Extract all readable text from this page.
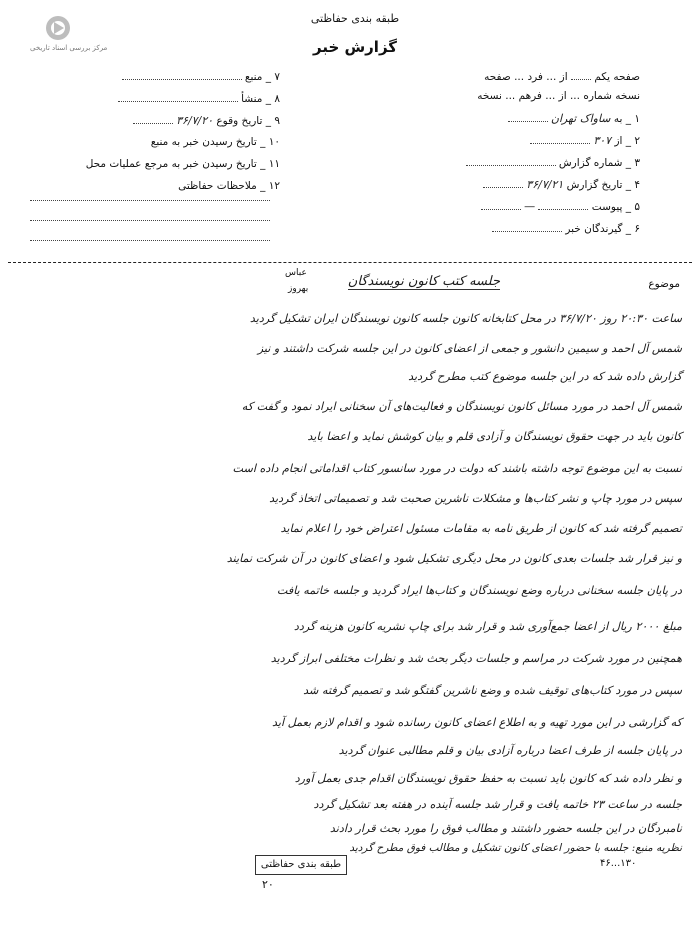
مرکز بررسی اسناد تاریخی
طبقه بندی حفاظتی
گزارش خبر
صفحه یکم  از ... فرد ... صفحه
نسخه شماره ... از ... فرهم ... نسخه
۱ _ به ساواک تهران
۲ _ از ۳۰۷
۳ _ شماره گزارش
۴ _ تاریخ گزارش ۳۶/۷/۲۱
۵ _ پیوست  —
۶ _ گیرندگان خبر
۷ _ منبع
۸ _ منشأ
۹ _ تاریخ وقوع ۳۶/۷/۲۰
۱۰ _ تاریخ رسیدن خبر به منبع
۱۱ _ تاریخ رسیدن خبر به مرجع عملیات محل
۱۲ _ ملاحظات حفاظتی
موضوع
جلسه کتب کانون نویسندگان
عباس
بهروز
ساعت ۲۰:۳۰ روز ۳۶/۷/۲۰ در محل کتابخانه کانون جلسه کانون نویسندگان ایران تشکیل گردید
شمس آل احمد و سیمین دانشور و جمعی از اعضای کانون در این جلسه شرکت داشتند و نیز
گزارش داده شد که در این جلسه موضوع کتب مطرح گردید
شمس آل احمد در مورد مسائل کانون نویسندگان و فعالیت‌های آن سخنانی ایراد نمود و گفت که
کانون باید در جهت حقوق نویسندگان و آزادی قلم و بیان کوشش نماید و اعضا باید
نسبت به این موضوع توجه داشته باشند که دولت در مورد سانسور کتاب اقداماتی انجام داده است
سپس در مورد چاپ و نشر کتاب‌ها و مشکلات ناشرین صحبت شد و تصمیماتی اتخاذ گردید
تصمیم گرفته شد که کانون از طریق نامه به مقامات مسئول اعتراض خود را اعلام نماید
و نیز قرار شد جلسات بعدی کانون در محل دیگری تشکیل شود و اعضای کانون در آن شرکت نمایند
در پایان جلسه سخنانی درباره وضع نویسندگان و کتاب‌ها ایراد گردید و جلسه خاتمه یافت
مبلغ ۲۰۰۰ ریال از اعضا جمع‌آوری شد و قرار شد برای چاپ نشریه کانون هزینه گردد
همچنین در مورد شرکت در مراسم و جلسات دیگر بحث شد و نظرات مختلفی ابراز گردید
سپس در مورد کتاب‌های توقیف شده و وضع ناشرین گفتگو شد و تصمیم گرفته شد
که گزارشی در این مورد تهیه و به اطلاع اعضای کانون رسانده شود و اقدام لازم بعمل آید
در پایان جلسه از طرف اعضا درباره آزادی بیان و قلم مطالبی عنوان گردید
و نظر داده شد که کانون باید نسبت به حفظ حقوق نویسندگان اقدام جدی بعمل آورد
جلسه در ساعت ۲۳ خاتمه یافت و قرار شد جلسه آینده در هفته بعد تشکیل گردد
نامبردگان در این جلسه حضور داشتند و مطالب فوق را مورد بحث قرار دادند
نظریه منبع: جلسه با حضور اعضای کانون تشکیل و مطالب فوق مطرح گردید
طبقه بندی حفاظتی	۴۶...۱۳۰
۲۰
